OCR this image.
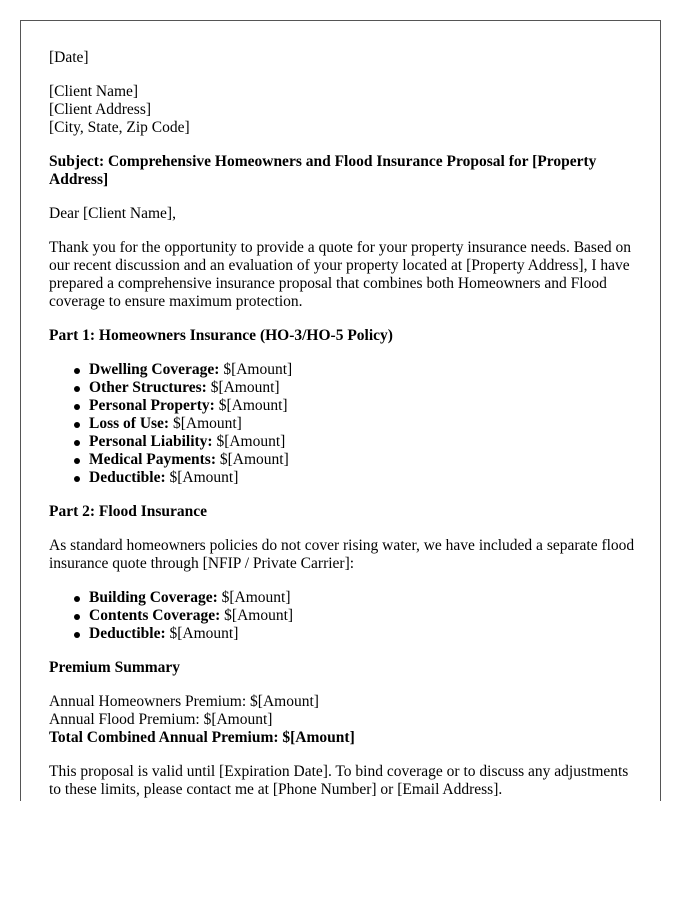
[Date]
[Client Name]
[Client Address]
[City, State, Zip Code]
Subject: Comprehensive Homeowners and Flood Insurance Proposal for [Property Address]
Dear [Client Name],
Thank you for the opportunity to provide a quote for your property insurance needs. Based on our recent discussion and an evaluation of your property located at [Property Address], I have prepared a comprehensive insurance proposal that combines both Homeowners and Flood coverage to ensure maximum protection.
Part 1: Homeowners Insurance (HO-3/HO-5 Policy)
Dwelling Coverage: $[Amount]
Other Structures: $[Amount]
Personal Property: $[Amount]
Loss of Use: $[Amount]
Personal Liability: $[Amount]
Medical Payments: $[Amount]
Deductible: $[Amount]
Part 2: Flood Insurance
As standard homeowners policies do not cover rising water, we have included a separate flood insurance quote through [NFIP / Private Carrier]:
Building Coverage: $[Amount]
Contents Coverage: $[Amount]
Deductible: $[Amount]
Premium Summary
Annual Homeowners Premium: $[Amount]
Annual Flood Premium: $[Amount]
Total Combined Annual Premium: $[Amount]
This proposal is valid until [Expiration Date]. To bind coverage or to discuss any adjustments to these limits, please contact me at [Phone Number] or [Email Address].
